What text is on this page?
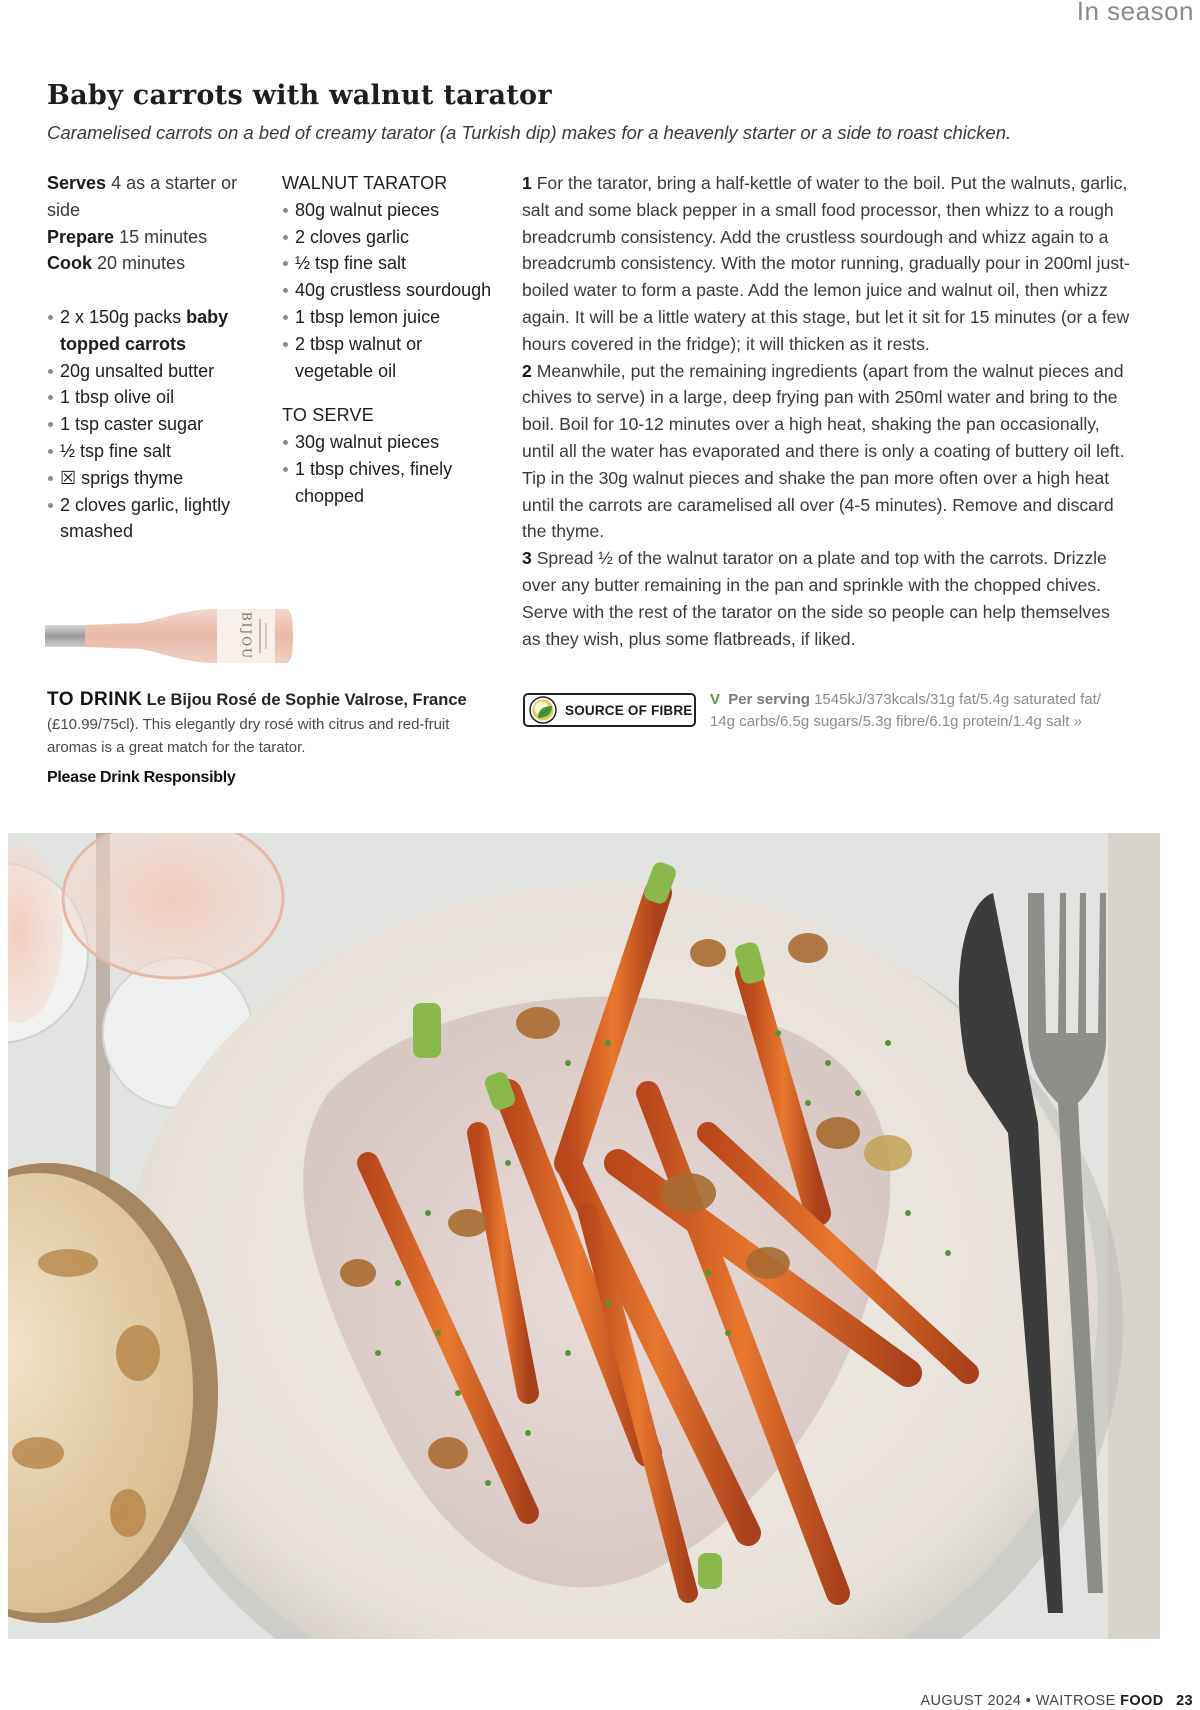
In season
Baby carrots with walnut tarator
Caramelised carrots on a bed of creamy tarator (a Turkish dip) makes for a heavenly starter or a side to roast chicken.
Serves 4 as a starter or side
Prepare 15 minutes
Cook 20 minutes
2 x 150g packs baby topped carrots
20g unsalted butter
1 tbsp olive oil
1 tsp caster sugar
½ tsp fine salt
☒ sprigs thyme
2 cloves garlic, lightly smashed
WALNUT TARATOR
80g walnut pieces
2 cloves garlic
½ tsp fine salt
40g crustless sourdough
1 tbsp lemon juice
2 tbsp walnut or vegetable oil
TO SERVE
30g walnut pieces
1 tbsp chives, finely chopped

1 For the tarator, bring a half-kettle of water to the boil. Put the walnuts, garlic, salt and some black pepper in a small food processor, then whizz to a rough breadcrumb consistency. Add the crustless sourdough and whizz again to a breadcrumb consistency. With the motor running, gradually pour in 200ml just-boiled water to form a paste. Add the lemon juice and walnut oil, then whizz again. It will be a little watery at this stage, but let it sit for 15 minutes (or a few hours covered in the fridge); it will thicken as it rests.

2 Meanwhile, put the remaining ingredients (apart from the walnut pieces and chives to serve) in a large, deep frying pan with 250ml water and bring to the boil. Boil for 10-12 minutes over a high heat, shaking the pan occasionally, until all the water has evaporated and there is only a coating of buttery oil left. Tip in the 30g walnut pieces and shake the pan more often over a high heat until the carrots are caramelised all over (4-5 minutes). Remove and discard the thyme.

3 Spread ½ of the walnut tarator on a plate and top with the carrots. Drizzle over any butter remaining in the pan and sprinkle with the chopped chives. Serve with the rest of the tarator on the side so people can help themselves as they wish, plus some flatbreads, if liked.

SOURCE OF FIBRE
V Per serving 1545kJ/373kcals/31g fat/5.4g saturated fat/ 14g carbs/6.5g sugars/5.3g fibre/6.1g protein/1.4g salt »
BIJOU
TO DRINK Le Bijou Rosé de Sophie Valrose, France (£10.99/75cl). This elegantly dry rosé with citrus and red-fruit aromas is a great match for the tarator.
Please Drink Responsibly
AUGUST 2024 • WAITROSE FOOD 23
